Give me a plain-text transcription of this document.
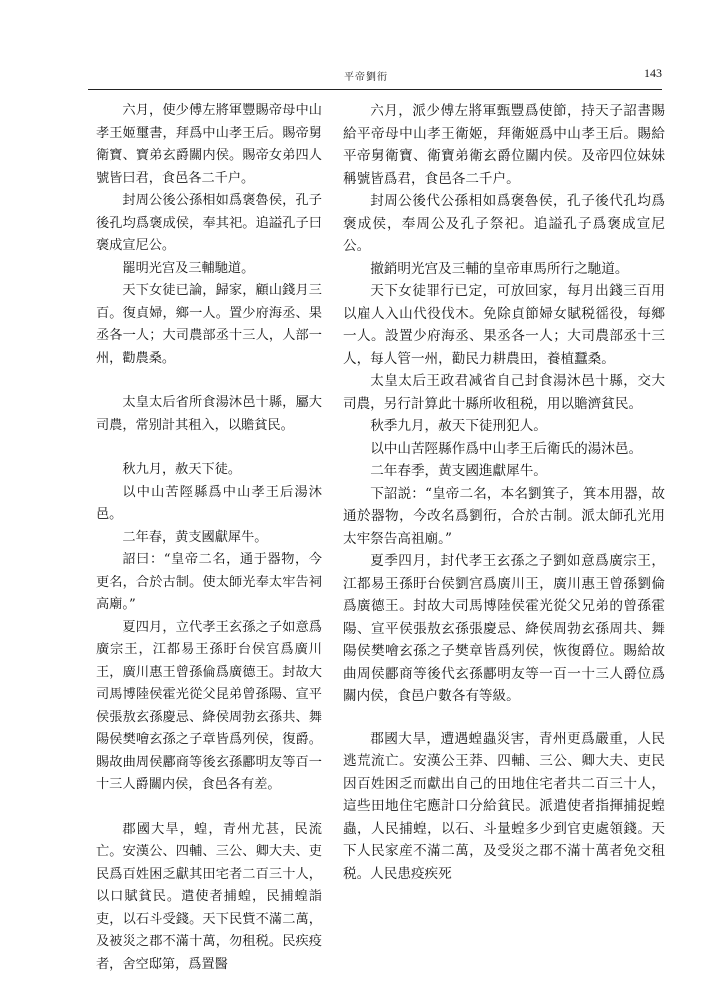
平帝劉衎	143

六月，使少傅左將軍豐賜帝母中山孝王姬璽書，拜爲中山孝王后。賜帝舅衛寶、寶弟玄爵關内侯。賜帝女弟四人號皆曰君，食邑各二千户。

封周公後公孫相如爲褒魯侯，孔子後孔均爲褒成侯，奉其祀。追謚孔子曰褒成宣尼公。

罷明光宫及三輔馳道。

天下女徒已論，歸家，顧山錢月三百。復貞婦，鄉一人。置少府海丞、果丞各一人；大司農部丞十三人，人部一州，勸農桑。

太皇太后省所食湯沐邑十縣，屬大司農，常别計其租入，以贍貧民。

秋九月，赦天下徒。

以中山苦陘縣爲中山孝王后湯沐邑。

二年春，黄支國獻犀牛。

詔曰：“皇帝二名，通于器物，今更名，合於古制。使太師光奉太牢告祠高廟。”

夏四月，立代孝王玄孫之子如意爲廣宗王，江都易王孫盱台侯宫爲廣川王，廣川惠王曾孫倫爲廣德王。封故大司馬博陸侯霍光從父昆弟曾孫陽、宣平侯張敖玄孫慶忌、絳侯周勃玄孫共、舞陽侯樊噲玄孫之子章皆爲列侯，復爵。賜故曲周侯酈商等後玄孫酈明友等百一十三人爵關内侯，食邑各有差。

郡國大旱，蝗，青州尤甚，民流亡。安漢公、四輔、三公、卿大夫、吏民爲百姓困乏獻其田宅者二百三十人，以口賦貧民。遣使者捕蝗，民捕蝗詣吏，以石斗受錢。天下民貲不滿二萬，及被災之郡不滿十萬，勿租税。民疾疫者，舍空邸第，爲置醫

六月，派少傅左將軍甄豐爲使節，持天子詔書賜給平帝母中山孝王衛姬，拜衛姬爲中山孝王后。賜給平帝舅衛寶、衛寶弟衛玄爵位關内侯。及帝四位妹妹稱號皆爲君，食邑各二千户。

封周公後代公孫相如爲褒魯侯，孔子後代孔均爲褒成侯，奉周公及孔子祭祀。追謚孔子爲褒成宣尼公。

撤銷明光宫及三輔的皇帝車馬所行之馳道。

天下女徒罪行已定，可放回家，每月出錢三百用以雇人入山代役伐木。免除貞節婦女賦税徭役，每鄉一人。設置少府海丞、果丞各一人；大司農部丞十三人，每人管一州，勸民力耕農田，養植蠶桑。

太皇太后王政君减省自己封食湯沐邑十縣，交大司農，另行計算此十縣所收租税，用以贍濟貧民。

秋季九月，赦天下徒刑犯人。

以中山苦陘縣作爲中山孝王后衛氏的湯沐邑。

二年春季，黄支國進獻犀牛。

下詔説：“皇帝二名，本名劉箕子，箕本用器，故通於器物，今改名爲劉衎，合於古制。派太師孔光用太牢祭告高祖廟。”

夏季四月，封代孝王玄孫之子劉如意爲廣宗王，江都易王孫盱台侯劉宫爲廣川王，廣川惠王曾孫劉倫爲廣德王。封故大司馬博陸侯霍光從父兄弟的曾孫霍陽、宣平侯張敖玄孫張慶忌、絳侯周勃玄孫周共、舞陽侯樊噲玄孫之子樊章皆爲列侯，恢復爵位。賜給故曲周侯酈商等後代玄孫酈明友等一百一十三人爵位爲關内侯，食邑户數各有等級。

郡國大旱，遭遇蝗蟲災害，青州更爲嚴重，人民逃荒流亡。安漢公王莽、四輔、三公、卿大夫、吏民因百姓困乏而獻出自己的田地住宅者共二百三十人，這些田地住宅應計口分給貧民。派遣使者指揮捕捉蝗蟲，人民捕蝗，以石、斗量蝗多少到官吏處領錢。天下人民家産不滿二萬，及受災之郡不滿十萬者免交租税。人民患疫疾死
